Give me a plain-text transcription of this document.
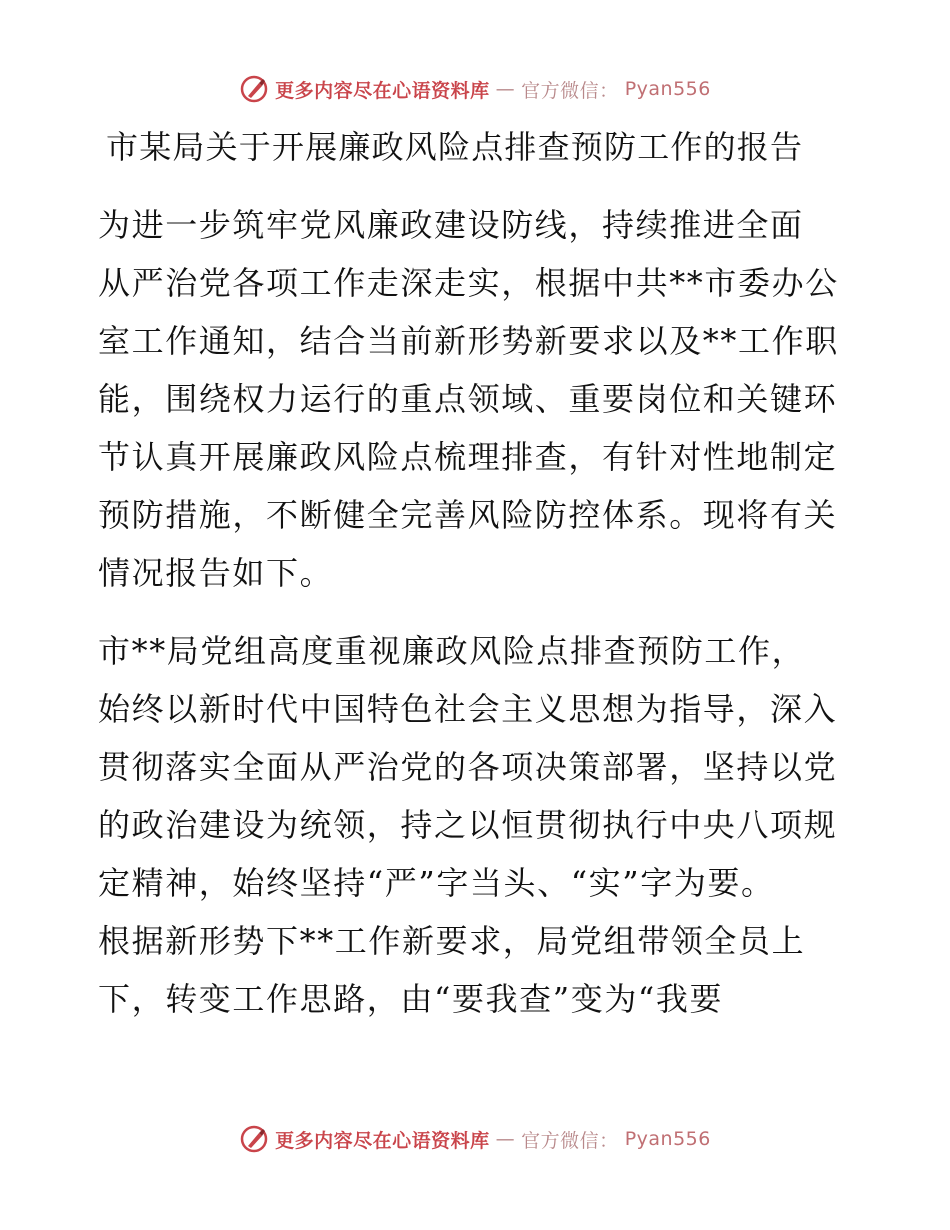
更多内容尽在心语资料库 — 官方微信： Pyan556
市某局关于开展廉政风险点排查预防工作的报告
为进一步筑牢党风廉政建设防线，持续推进全面
从严治党各项工作走深走实，根据中共**市委办公
室工作通知，结合当前新形势新要求以及**工作职
能，围绕权力运行的重点领域、重要岗位和关键环
节认真开展廉政风险点梳理排查，有针对性地制定
预防措施，不断健全完善风险防控体系。现将有关
情况报告如下。
市**局党组高度重视廉政风险点排查预防工作，
始终以新时代中国特色社会主义思想为指导，深入
贯彻落实全面从严治党的各项决策部署，坚持以党
的政治建设为统领，持之以恒贯彻执行中央八项规
定精神，始终坚持“严”字当头、“实”字为要。
根据新形势下**工作新要求，局党组带领全员上
下，转变工作思路，由“要我查”变为“我要
更多内容尽在心语资料库 — 官方微信： Pyan556
